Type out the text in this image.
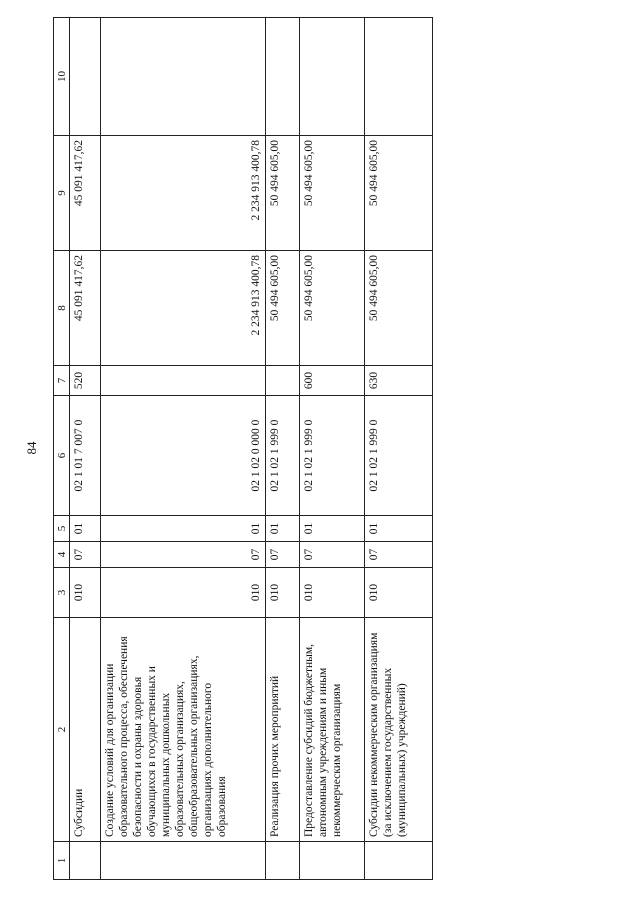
84
1	2	3	4	5	6	7	8	9	10
	Субсидии	010	07	01	02 1 01 7 007 0	520	45 091 417,62	45 091 417,62	
	Создание условий для организации образовательного процесса, обеспечения безопасности и охраны здоровья обучающихся в государственных и муниципальных дошкольных образовательных организациях, общеобразовательных организациях, организациях дополнительного образования	010	07	01	02 1 02 0 000 0		2 234 913 400,78	2 234 913 400,78	
	Реализация прочих мероприятий	010	07	01	02 1 02 1 999 0		50 494 605,00	50 494 605,00	
	Предоставление субсидий бюджетным, автономным учреждениям и иным некоммерческим организациям	010	07	01	02 1 02 1 999 0	600	50 494 605,00	50 494 605,00	
	Субсидии некоммерческим организациям (за исключением государственных (муниципальных) учреждений)	010	07	01	02 1 02 1 999 0	630	50 494 605,00	50 494 605,00	
